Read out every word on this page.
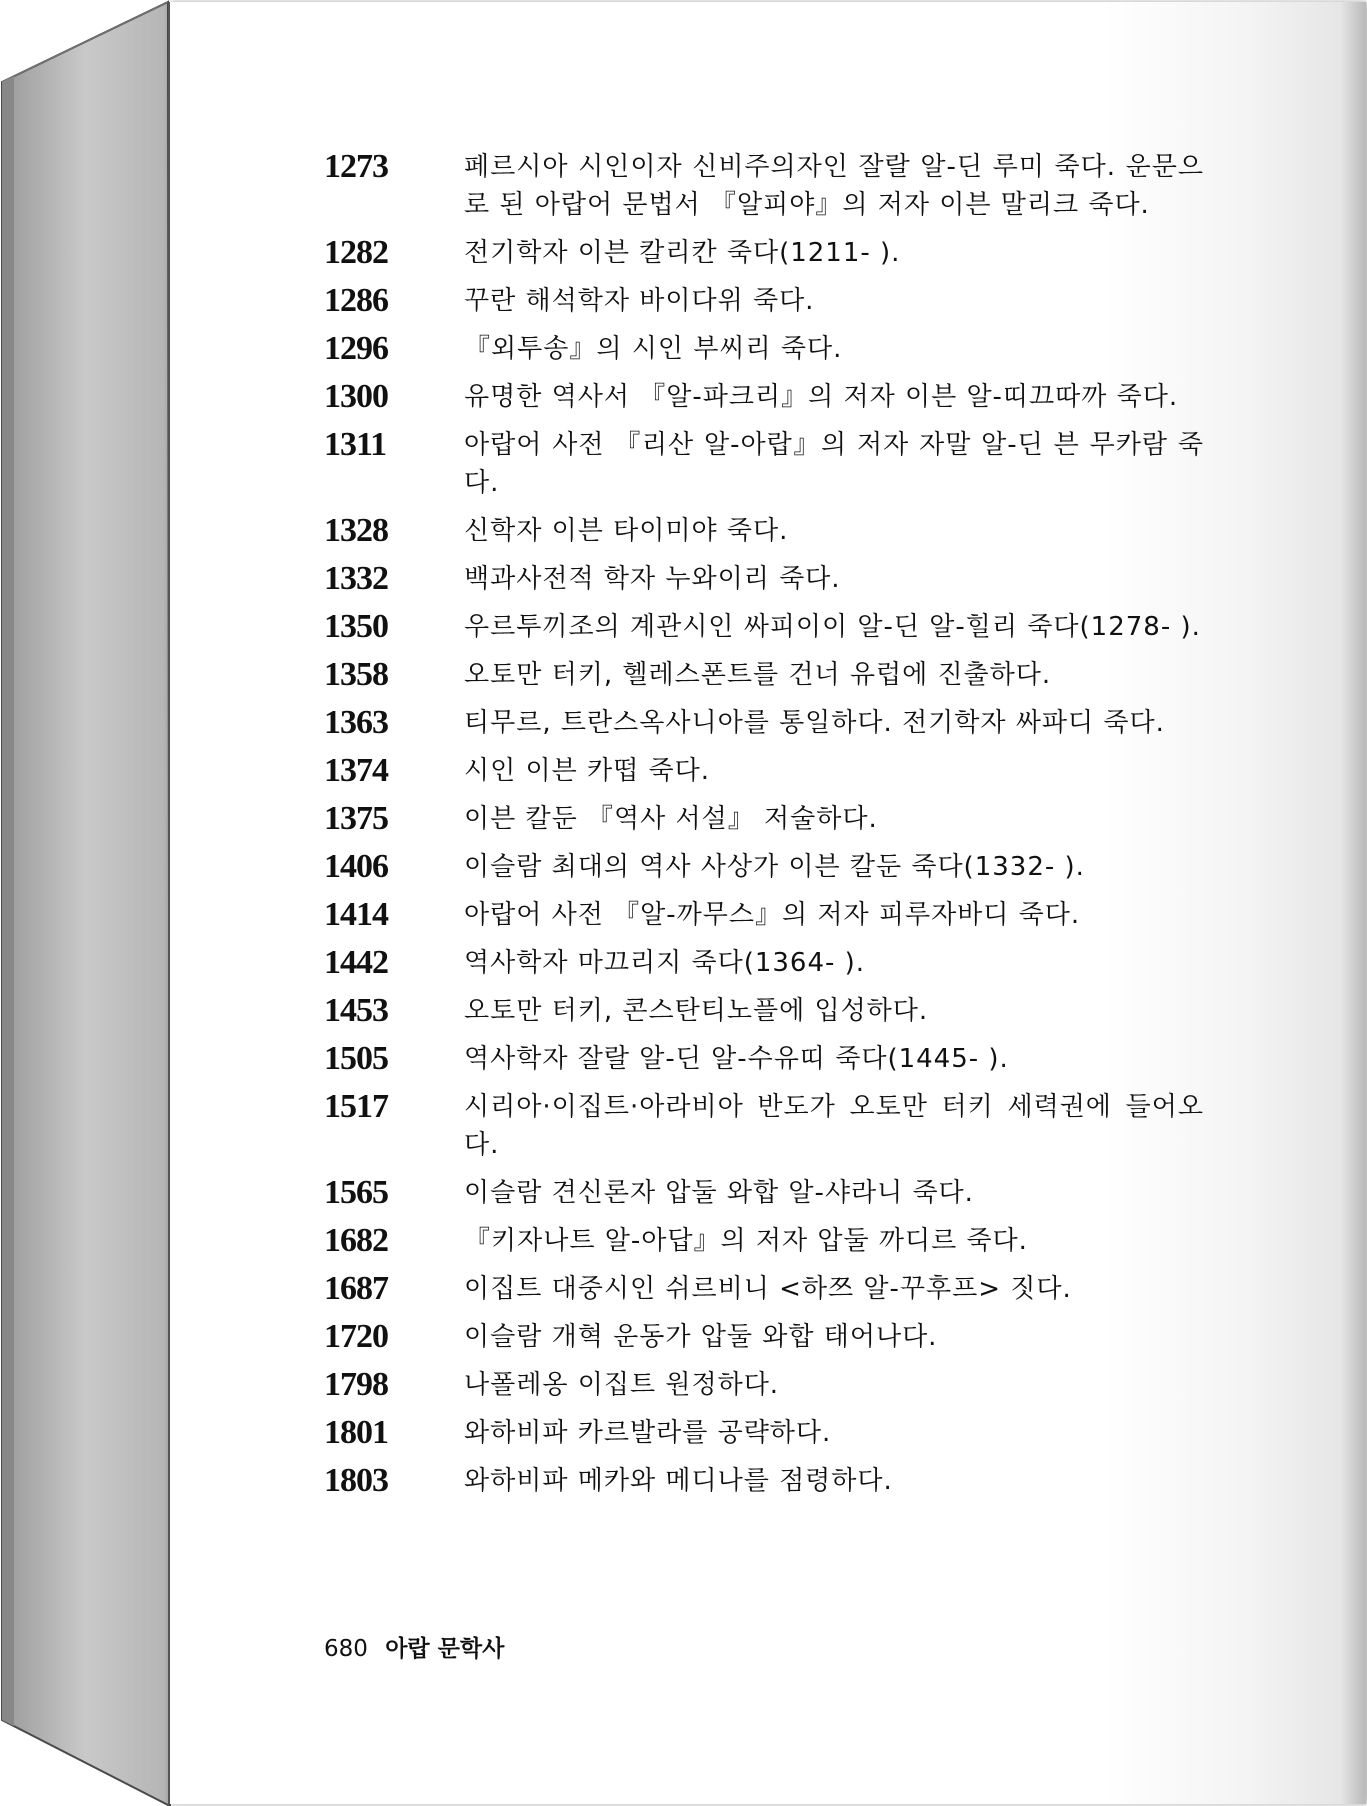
1273	페르시아 시인이자 신비주의자인 잘랄 알-딘 루미 죽다. 운문으로 된 아랍어 문법서 『알피야』의 저자 이븐 말리크 죽다.
1282	전기학자 이븐 칼리칸 죽다(1211- ).
1286	꾸란 해석학자 바이다위 죽다.
1296	『외투송』의 시인 부씨리 죽다.
1300	유명한 역사서 『알-파크리』의 저자 이븐 알-띠끄따까 죽다.
1311	아랍어 사전 『리산 알-아랍』의 저자 자말 알-딘 븐 무카람 죽다.
1328	신학자 이븐 타이미야 죽다.
1332	백과사전적 학자 누와이리 죽다.
1350	우르투끼조의 계관시인 싸피이이 알-딘 알-힐리 죽다(1278- ).
1358	오토만 터키, 헬레스폰트를 건너 유럽에 진출하다.
1363	티무르, 트란스옥사니아를 통일하다. 전기학자 싸파디 죽다.
1374	시인 이븐 카떱 죽다.
1375	이븐 칼둔 『역사 서설』 저술하다.
1406	이슬람 최대의 역사 사상가 이븐 칼둔 죽다(1332- ).
1414	아랍어 사전 『알-까무스』의 저자 피루자바디 죽다.
1442	역사학자 마끄리지 죽다(1364- ).
1453	오토만 터키, 콘스탄티노플에 입성하다.
1505	역사학자 잘랄 알-딘 알-수유띠 죽다(1445- ).
1517	시리아·이집트·아라비아 반도가 오토만 터키 세력권에 들어오다.
1565	이슬람 견신론자 압둘 와합 알-샤라니 죽다.
1682	『키자나트 알-아답』의 저자 압둘 까디르 죽다.
1687	이집트 대중시인 쉬르비니 <하쯔 알-꾸후프> 짓다.
1720	이슬람 개혁 운동가 압둘 와합 태어나다.
1798	나폴레옹 이집트 원정하다.
1801	와하비파 카르발라를 공략하다.
1803	와하비파 메카와 메디나를 점령하다.
680 아랍 문학사
